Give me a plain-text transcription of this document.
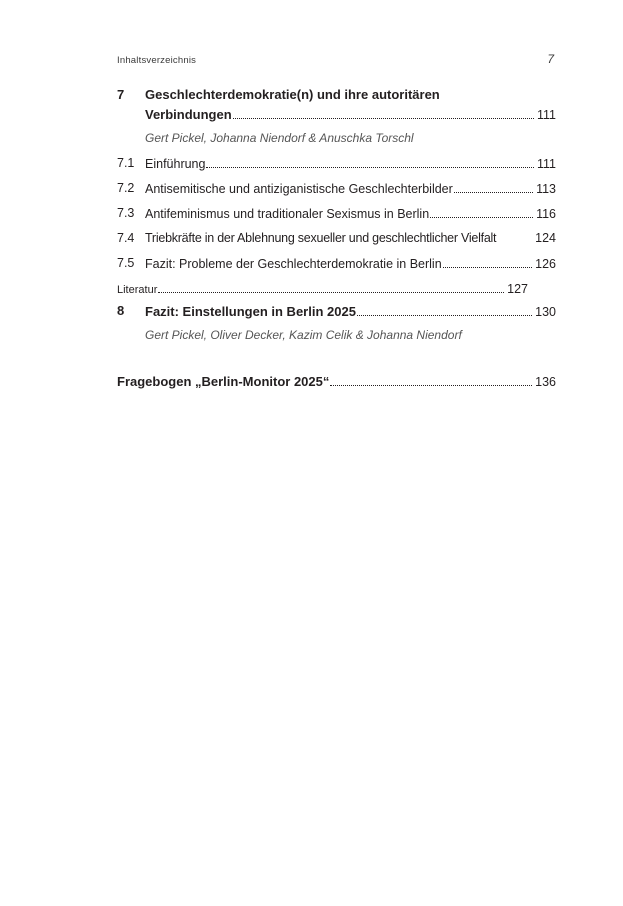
Inhaltsverzeichnis	7
7 Geschlechterdemokratie(n) und ihre autoritären
Verbindungen	111
Gert Pickel, Johanna Niendorf & Anuschka Torschl
7.1 Einführung	111
7.2 Antisemitische und antiziganistische Geschlechterbilder	113
7.3 Antifeminismus und traditionaler Sexismus in Berlin	116
7.4 Triebkräfte in der Ablehnung sexueller und geschlechtlicher Vielfalt	124
7.5 Fazit: Probleme der Geschlechterdemokratie in Berlin	126
Literatur	127
8 Fazit: Einstellungen in Berlin 2025	130
Gert Pickel, Oliver Decker, Kazim Celik & Johanna Niendorf
Fragebogen „Berlin-Monitor 2025“	136
